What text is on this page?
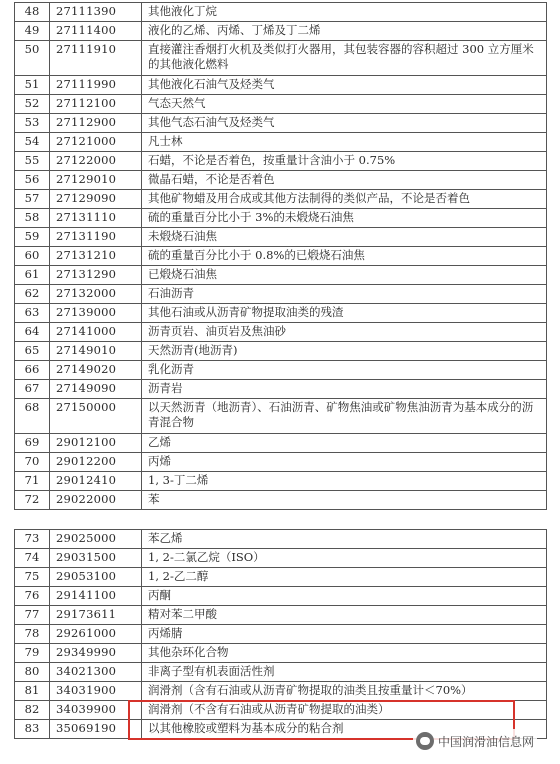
48	27111390	其他液化丁烷
49	27111400	液化的乙烯、丙烯、丁烯及丁二烯
50	27111910	直接灌注香烟打火机及类似打火器用，其包装容器的容积超过 300 立方厘米的其他液化燃料
51	27111990	其他液化石油气及烃类气
52	27112100	气态天然气
53	27112900	其他气态石油气及烃类气
54	27121000	凡士林
55	27122000	石蜡，不论是否着色，按重量计含油小于 0.75%
56	27129010	微晶石蜡，不论是否着色
57	27129090	其他矿物蜡及用合成或其他方法制得的类似产品，不论是否着色
58	27131110	硫的重量百分比小于 3%的未煅烧石油焦
59	27131190	未煅烧石油焦
60	27131210	硫的重量百分比小于 0.8%的已煅烧石油焦
61	27131290	已煅烧石油焦
62	27132000	石油沥青
63	27139000	其他石油或从沥青矿物提取油类的残渣
64	27141000	沥青页岩、油页岩及焦油砂
65	27149010	天然沥青(地沥青)
66	27149020	乳化沥青
67	27149090	沥青岩
68	27150000	以天然沥青（地沥青）、石油沥青、矿物焦油或矿物焦油沥青为基本成分的沥青混合物
69	29012100	乙烯
70	29012200	丙烯
71	29012410	1, 3-丁二烯
72	29022000	苯

73	29025000	苯乙烯
74	29031500	1, 2-二氯乙烷（ISO）
75	29053100	1, 2-乙二醇
76	29141100	丙酮
77	29173611	精对苯二甲酸
78	29261000	丙烯腈
79	29349990	其他杂环化合物
80	34021300	非离子型有机表面活性剂
81	34031900	润滑剂（含有石油或从沥青矿物提取的油类且按重量计＜70%）
82	34039900	润滑剂（不含有石油或从沥青矿物提取的油类）
83	35069190	以其他橡胶或塑料为基本成分的粘合剂
中国润滑油信息网
